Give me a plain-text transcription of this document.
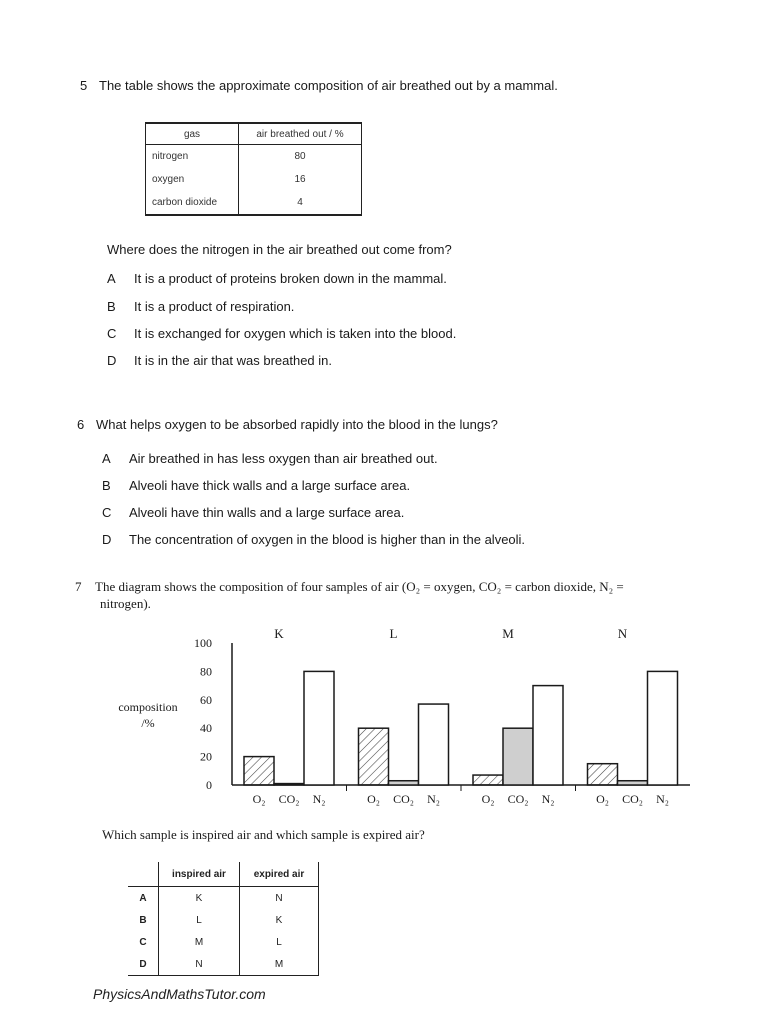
5 The table shows the approximate composition of air breathed out by a mammal.
gas	air breathed out / %
nitrogen	80
oxygen	16
carbon dioxide	4
Where does the nitrogen in the air breathed out come from?
A It is a product of proteins broken down in the mammal.
B It is a product of respiration.
C It is exchanged for oxygen which is taken into the blood.
D It is in the air that was breathed in.
6 What helps oxygen to be absorbed rapidly into the blood in the lungs?
A Air breathed in has less oxygen than air breathed out.
B Alveoli have thick walls and a large surface area.
C Alveoli have thin walls and a large surface area.
D The concentration of oxygen in the blood is higher than in the alveoli.
7 The diagram shows the composition of four samples of air (O₂ = oxygen, CO₂ = carbon dioxide, N₂ =
nitrogen).
0
20
40
60
80
100
composition
/%
K
O₂ CO₂ N₂
L
O₂ CO₂ N₂
M
O₂ CO₂ N₂
N
O₂ CO₂ N₂
Which sample is inspired air and which sample is expired air?
	inspired air	expired air
A	K	N
B	L	K
C	M	L
D	N	M
PhysicsAndMathsTutor.com
